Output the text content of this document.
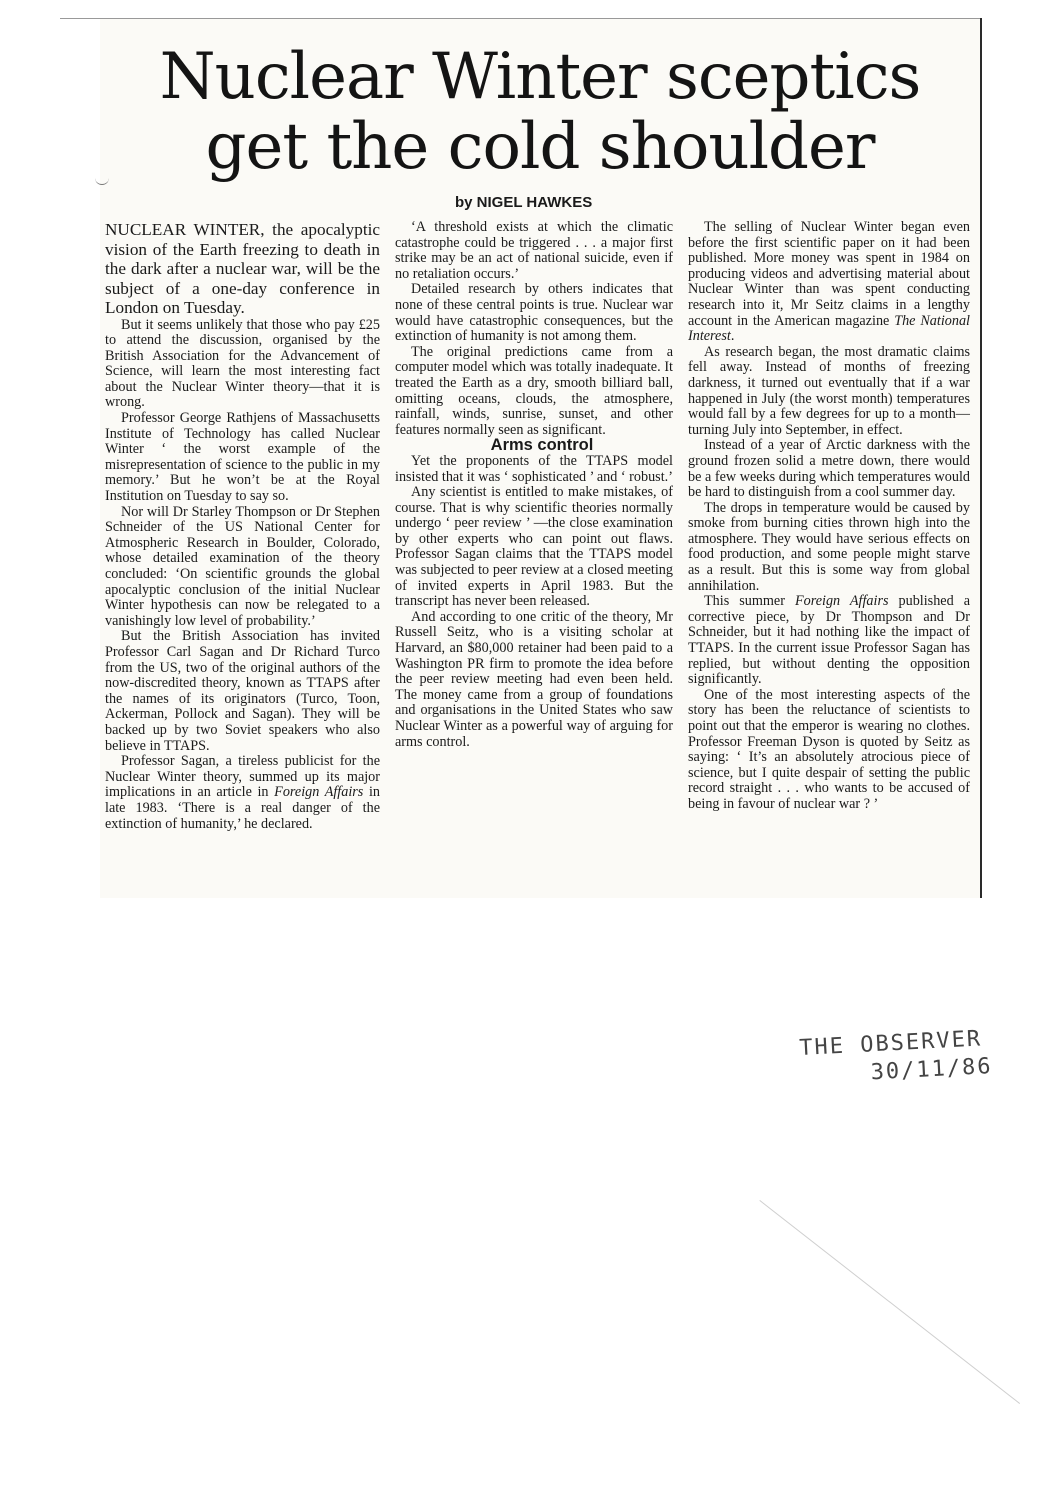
Nuclear Winter sceptics
get the cold shoulder
by NIGEL HAWKES

NUCLEAR WINTER, the apocalyptic vision of the Earth freezing to death in the dark after a nuclear war, will be the subject of a one-day conference in London on Tuesday.

But it seems unlikely that those who pay £25 to attend the discussion, organised by the British Association for the Advancement of Science, will learn the most interesting fact about the Nuclear Winter theory—that it is wrong.

Professor George Rathjens of Massachusetts Institute of Technology has called Nuclear Winter ‘ the worst example of the misrepresentation of science to the public in my memory.’ But he won’t be at the Royal Institution on Tuesday to say so.

Nor will Dr Starley Thompson or Dr Stephen Schneider of the US National Center for Atmospheric Research in Boulder, Colorado, whose detailed examination of the theory concluded: ‘On scientific grounds the global apocalyptic conclusion of the initial Nuclear Winter hypothesis can now be relegated to a vanishingly low level of probability.’

But the British Association has invited Professor Carl Sagan and Dr Richard Turco from the US, two of the original authors of the now-discredited theory, known as TTAPS after the names of its originators (Turco, Toon, Ackerman, Pollock and Sagan). They will be backed up by two Soviet speakers who also believe in TTAPS.

Professor Sagan, a tireless publicist for the Nuclear Winter theory, summed up its major implications in an article in Foreign Affairs in late 1983. ‘There is a real danger of the extinction of humanity,’ he declared.

‘A threshold exists at which the climatic catastrophe could be triggered . . . a major first strike may be an act of national suicide, even if no retaliation occurs.’

Detailed research by others indicates that none of these central points is true. Nuclear war would have catastrophic consequences, but the extinction of humanity is not among them.

The original predictions came from a computer model which was totally inadequate. It treated the Earth as a dry, smooth billiard ball, omitting oceans, clouds, the atmosphere, rainfall, winds, sunrise, sunset, and other features normally seen as significant.

Arms control

Yet the proponents of the TTAPS model insisted that it was ‘ sophisticated ’ and ‘ robust.’

Any scientist is entitled to make mistakes, of course. That is why scientific theories normally undergo ‘ peer review ’ —the close examination by other experts who can point out flaws. Professor Sagan claims that the TTAPS model was subjected to peer review at a closed meeting of invited experts in April 1983. But the transcript has never been released.

And according to one critic of the theory, Mr Russell Seitz, who is a visiting scholar at Harvard, an $80,000 retainer had been paid to a Washington PR firm to promote the idea before the peer review meeting had even been held. The money came from a group of foundations and organisations in the United States who saw Nuclear Winter as a powerful way of arguing for arms control.

The selling of Nuclear Winter began even before the first scientific paper on it had been published. More money was spent in 1984 on producing videos and advertising material about Nuclear Winter than was spent conducting research into it, Mr Seitz claims in a lengthy account in the American magazine The National Interest.

As research began, the most dramatic claims fell away. Instead of months of freezing darkness, it turned out eventually that if a war happened in July (the worst month) temperatures would fall by a few degrees for up to a month—turning July into September, in effect.

Instead of a year of Arctic darkness with the ground frozen solid a metre down, there would be a few weeks during which temperatures would be hard to distinguish from a cool summer day.

The drops in temperature would be caused by smoke from burning cities thrown high into the atmosphere. They would have serious effects on food production, and some people might starve as a result. But this is some way from global annihilation.

This summer Foreign Affairs published a corrective piece, by Dr Thompson and Dr Schneider, but it had nothing like the impact of TTAPS. In the current issue Professor Sagan has replied, but without denting the opposition significantly.

One of the most interesting aspects of the story has been the reluctance of scientists to point out that the emperor is wearing no clothes. Professor Freeman Dyson is quoted by Seitz as saying: ‘ It’s an absolutely atrocious piece of science, but I quite despair of setting the public record straight . . . who wants to be accused of being in favour of nuclear war ? ’

THE OBSERVER
30/11/86
